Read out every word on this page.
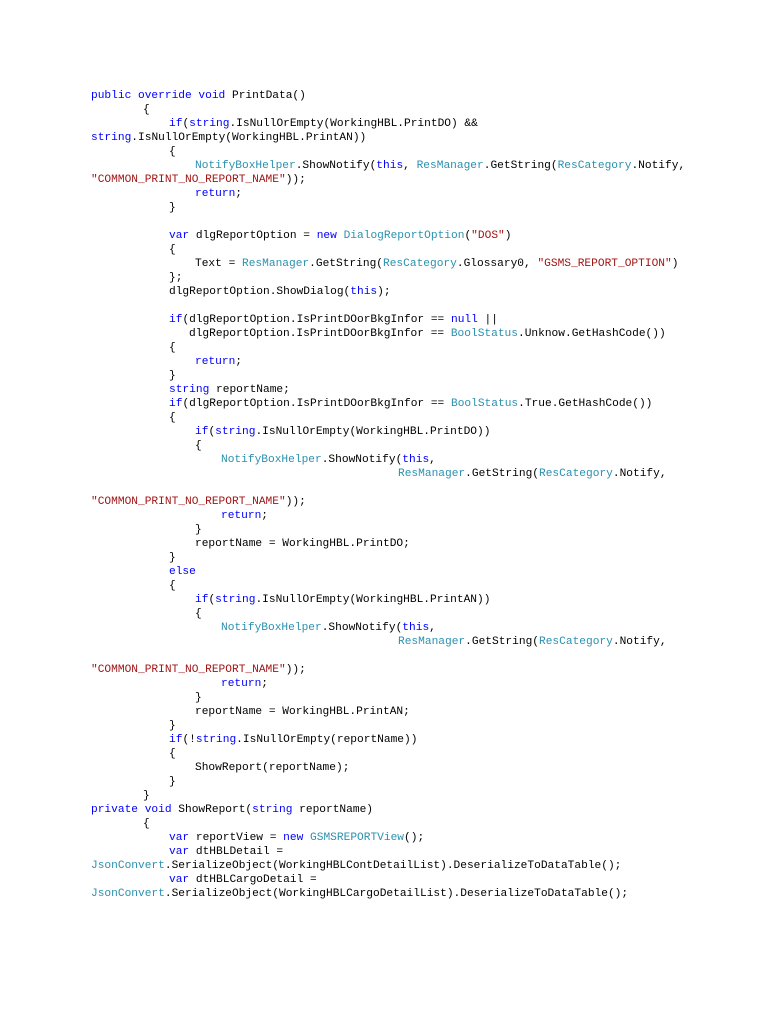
public override void PrintData()
{
if(string.IsNullOrEmpty(WorkingHBL.PrintDO) &&
string.IsNullOrEmpty(WorkingHBL.PrintAN))
{
NotifyBoxHelper.ShowNotify(this, ResManager.GetString(ResCategory.Notify,
"COMMON_PRINT_NO_REPORT_NAME"));
return;
}
var dlgReportOption = new DialogReportOption("DOS")
{
Text = ResManager.GetString(ResCategory.Glossary0, "GSMS_REPORT_OPTION")
};
dlgReportOption.ShowDialog(this);
if(dlgReportOption.IsPrintDOorBkgInfor == null ||
dlgReportOption.IsPrintDOorBkgInfor == BoolStatus.Unknow.GetHashCode())
{
return;
}
string reportName;
if(dlgReportOption.IsPrintDOorBkgInfor == BoolStatus.True.GetHashCode())
{
if(string.IsNullOrEmpty(WorkingHBL.PrintDO))
{
NotifyBoxHelper.ShowNotify(this,
ResManager.GetString(ResCategory.Notify,
"COMMON_PRINT_NO_REPORT_NAME"));
return;
}
reportName = WorkingHBL.PrintDO;
}
else
{
if(string.IsNullOrEmpty(WorkingHBL.PrintAN))
{
NotifyBoxHelper.ShowNotify(this,
ResManager.GetString(ResCategory.Notify,
"COMMON_PRINT_NO_REPORT_NAME"));
return;
}
reportName = WorkingHBL.PrintAN;
}
if(!string.IsNullOrEmpty(reportName))
{
ShowReport(reportName);
}
}
private void ShowReport(string reportName)
{
var reportView = new GSMSREPORTView();
var dtHBLDetail =
JsonConvert.SerializeObject(WorkingHBLContDetailList).DeserializeToDataTable();
var dtHBLCargoDetail =
JsonConvert.SerializeObject(WorkingHBLCargoDetailList).DeserializeToDataTable();
